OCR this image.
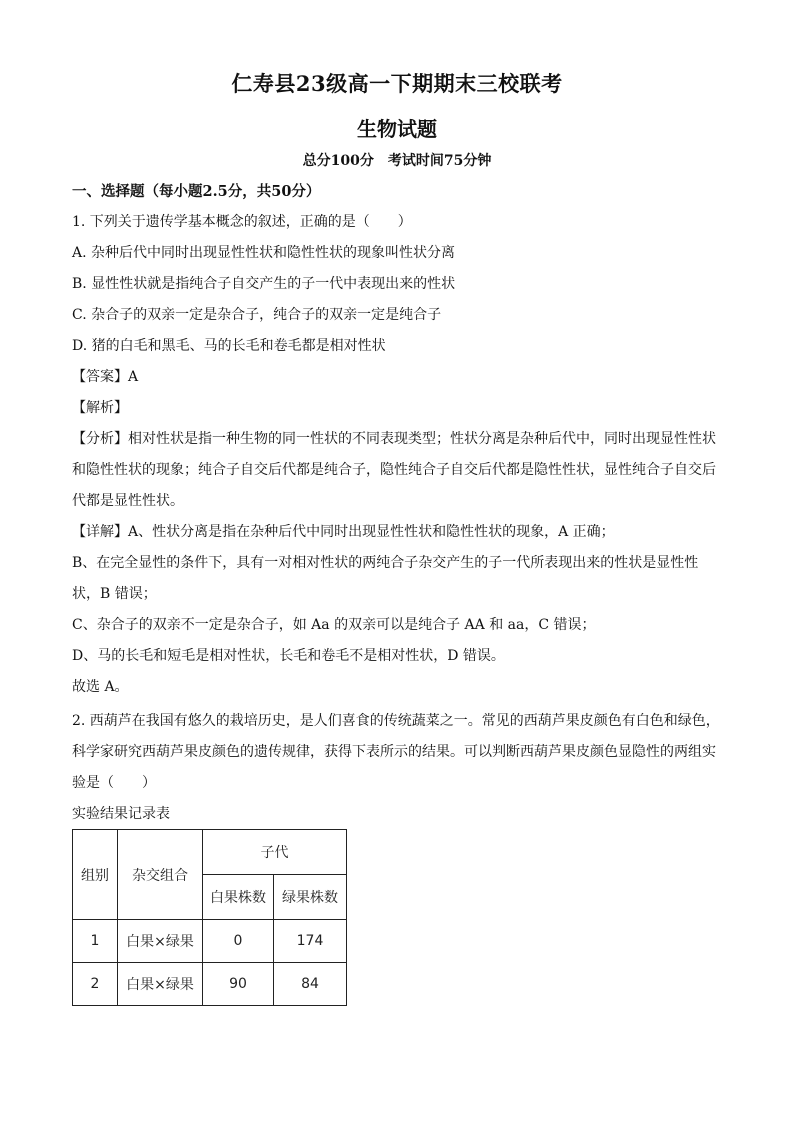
仁寿县23级高一下期期末三校联考
生物试题
总分100分　考试时间75分钟
一、选择题（每小题2.5分，共50分）
1. 下列关于遗传学基本概念的叙述，正确的是（　　）
A. 杂种后代中同时出现显性性状和隐性性状的现象叫性状分离
B. 显性性状就是指纯合子自交产生的子一代中表现出来的性状
C. 杂合子的双亲一定是杂合子，纯合子的双亲一定是纯合子
D. 猪的白毛和黑毛、马的长毛和卷毛都是相对性状
【答案】A
【解析】
【分析】相对性状是指一种生物的同一性状的不同表现类型；性状分离是杂种后代中，同时出现显性性状
和隐性性状的现象；纯合子自交后代都是纯合子，隐性纯合子自交后代都是隐性性状，显性纯合子自交后
代都是显性性状。
【详解】A、性状分离是指在杂种后代中同时出现显性性状和隐性性状的现象，A 正确；
B、在完全显性的条件下，具有一对相对性状的两纯合子杂交产生的子一代所表现出来的性状是显性性
状，B 错误；
C、杂合子的双亲不一定是杂合子，如 Aa 的双亲可以是纯合子 AA 和 aa，C 错误；
D、马的长毛和短毛是相对性状，长毛和卷毛不是相对性状，D 错误。
故选 A。
2. 西葫芦在我国有悠久的栽培历史，是人们喜食的传统蔬菜之一。常见的西葫芦果皮颜色有白色和绿色，
科学家研究西葫芦果皮颜色的遗传规律，获得下表所示的结果。可以判断西葫芦果皮颜色显隐性的两组实
验是（　　）
实验结果记录表
组别	杂交组合	子代	
		白果株数	绿果株数
1	白果×绿果	0	174
2	白果×绿果	90	84
